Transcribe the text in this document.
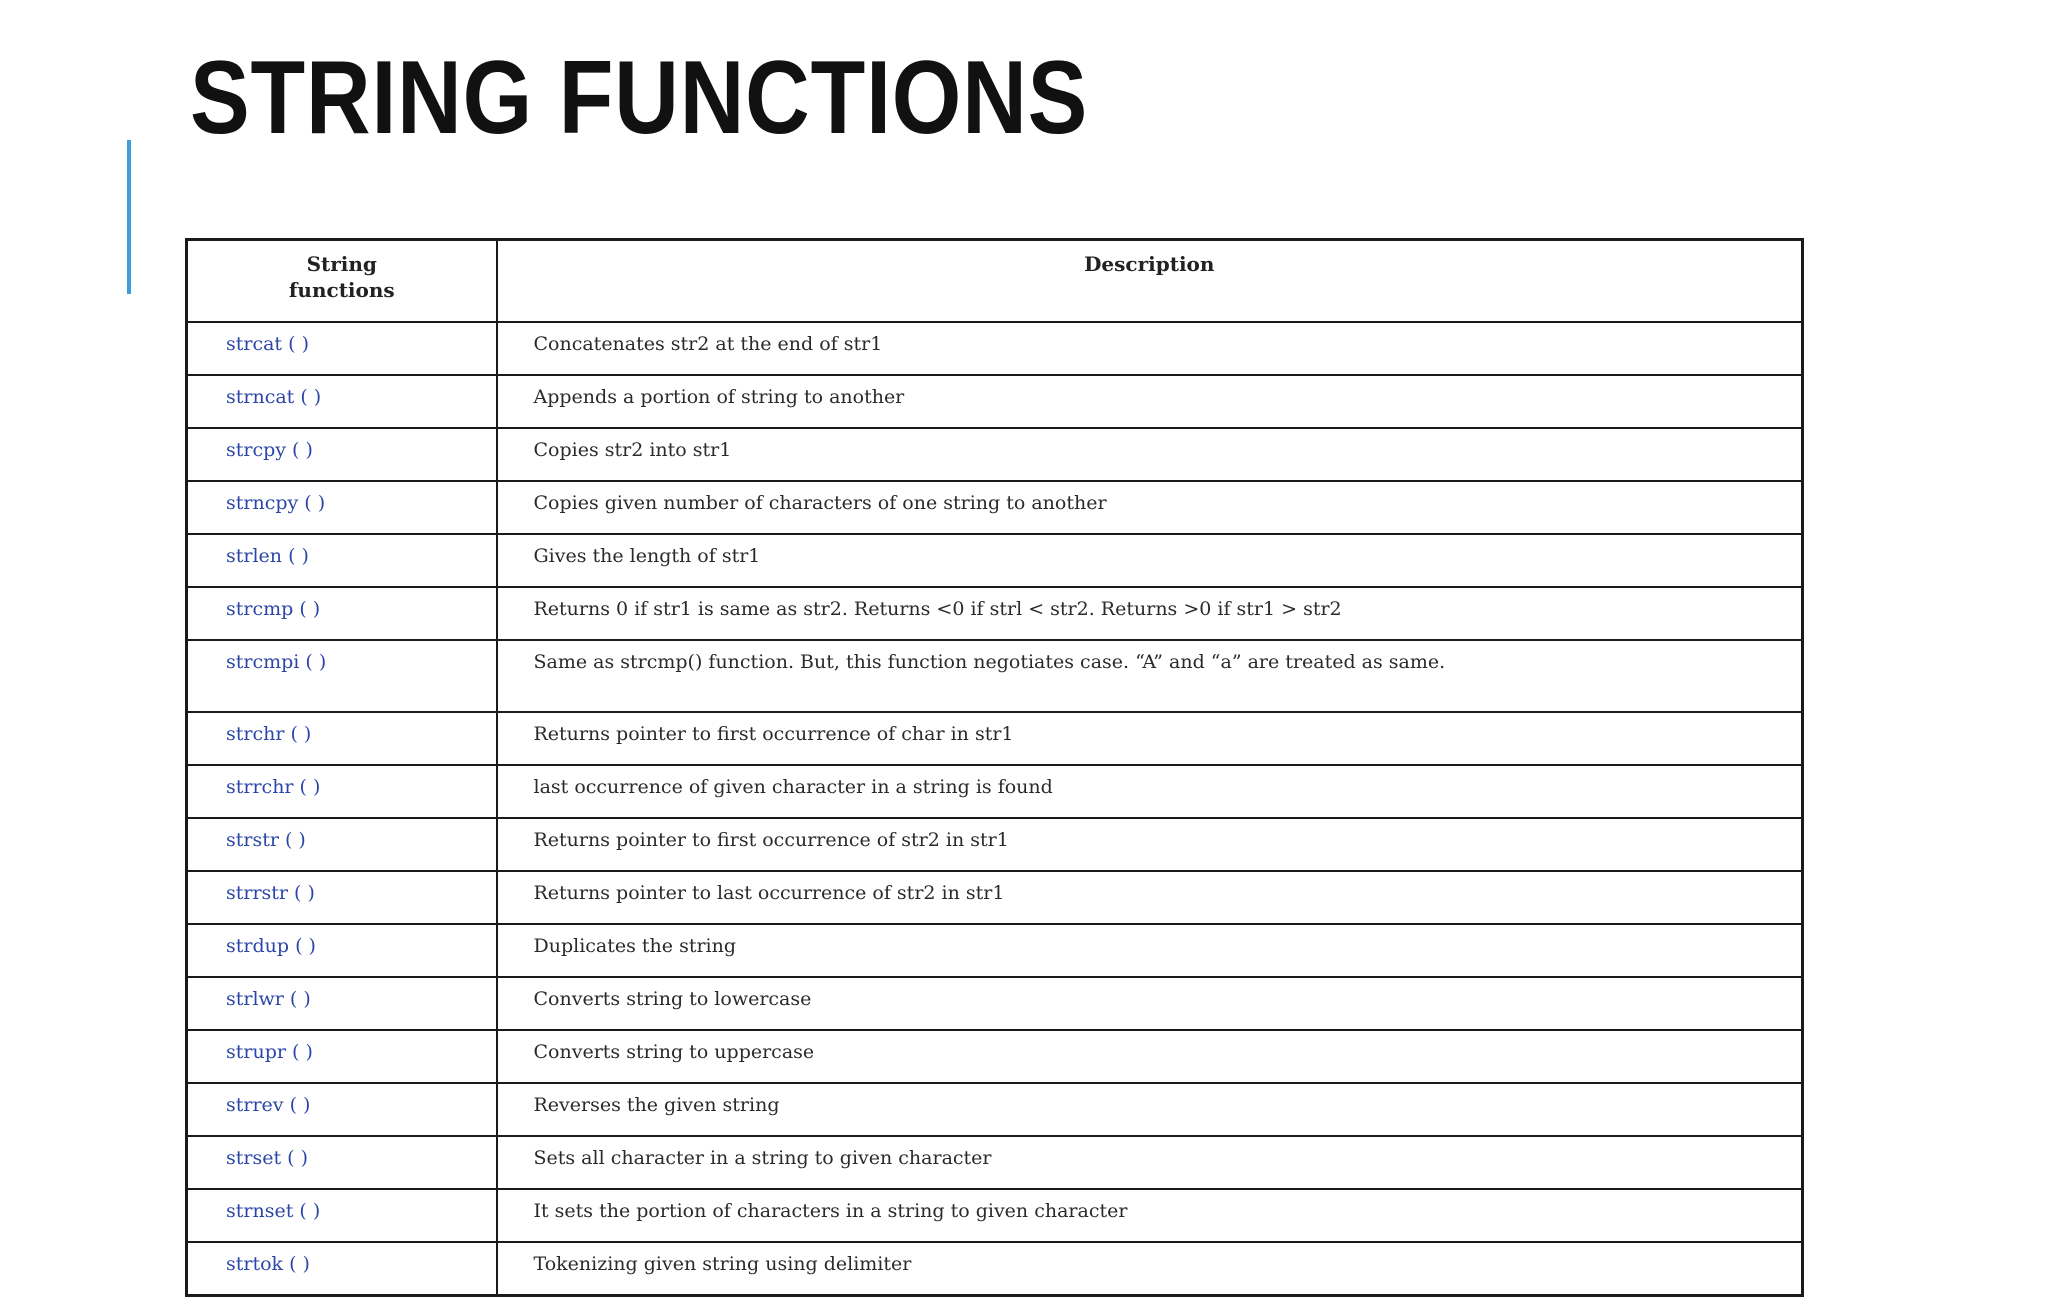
STRING FUNCTIONS
String
functions	Description
strcat ( )	Concatenates str2 at the end of str1
strncat ( )	Appends a portion of string to another
strcpy ( )	Copies str2 into str1
strncpy ( )	Copies given number of characters of one string to another
strlen ( )	Gives the length of str1
strcmp ( )	Returns 0 if str1 is same as str2. Returns <0 if strl < str2. Returns >0 if str1 > str2
strcmpi ( )	Same as strcmp() function. But, this function negotiates case. “A” and “a” are treated as same.
strchr ( )	Returns pointer to first occurrence of char in str1
strrchr ( )	last occurrence of given character in a string is found
strstr ( )	Returns pointer to first occurrence of str2 in str1
strrstr ( )	Returns pointer to last occurrence of str2 in str1
strdup ( )	Duplicates the string
strlwr ( )	Converts string to lowercase
strupr ( )	Converts string to uppercase
strrev ( )	Reverses the given string
strset ( )	Sets all character in a string to given character
strnset ( )	It sets the portion of characters in a string to given character
strtok ( )	Tokenizing given string using delimiter
